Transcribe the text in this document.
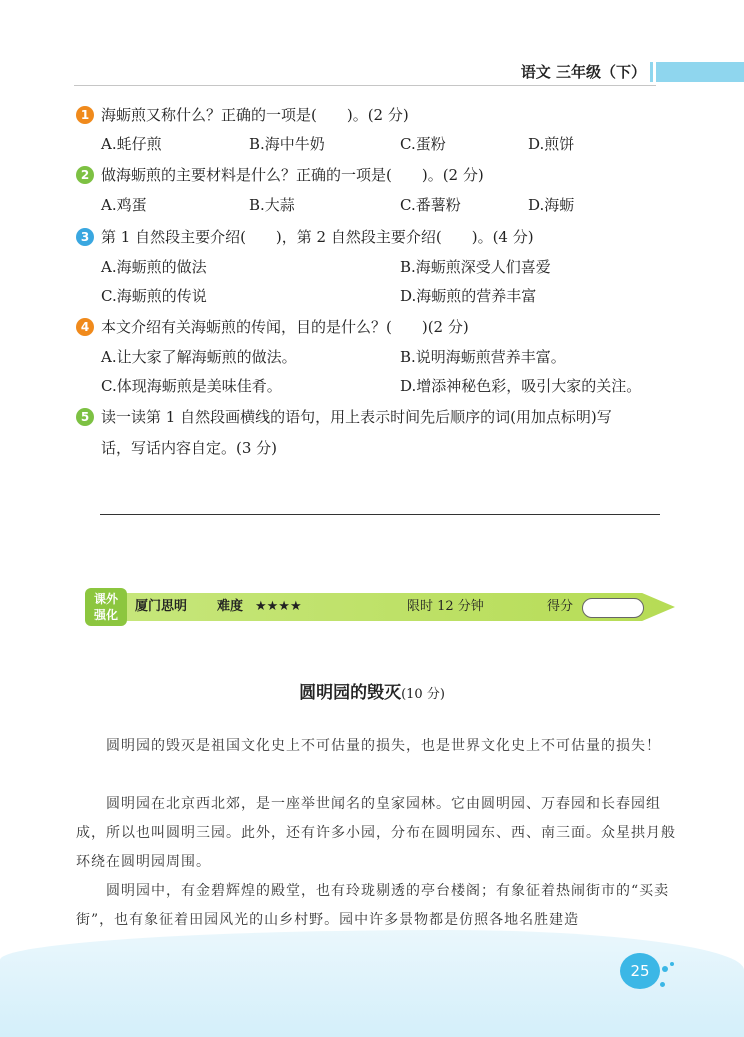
语文 三年级（下）
1 海蛎煎又称什么？正确的一项是(　　)。(2 分)
A.蚝仔煎	B.海中牛奶	C.蛋粉	D.煎饼
2 做海蛎煎的主要材料是什么？正确的一项是(　　)。(2 分)
A.鸡蛋	B.大蒜	C.番薯粉	D.海蛎
3 第 1 自然段主要介绍(　　)，第 2 自然段主要介绍(　　)。(4 分)
A.海蛎煎的做法	B.海蛎煎深受人们喜爱
C.海蛎煎的传说	D.海蛎煎的营养丰富
4 本文介绍有关海蛎煎的传闻，目的是什么？(　　)(2 分)
A.让大家了解海蛎煎的做法。	B.说明海蛎煎营养丰富。
C.体现海蛎煎是美味佳肴。	D.增添神秘色彩，吸引大家的关注。
5 读一读第 1 自然段画横线的语句，用上表示时间先后顺序的词(用加点标明)写
话，写话内容自定。(3 分)
课外
强化
厦门思明 难度 ★★★★	限时 12 分钟	得分
圆明园的毁灭(10 分)
圆明园的毁灭是祖国文化史上不可估量的损失，也是世界文化史上不可估量的损失！
圆明园在北京西北郊，是一座举世闻名的皇家园林。它由圆明园、万春园和长春园组成，所以也叫圆明三园。此外，还有许多小园，分布在圆明园东、西、南三面。众星拱月般环绕在圆明园周围。
圆明园中，有金碧辉煌的殿堂，也有玲珑剔透的亭台楼阁；有象征着热闹街市的“买卖街”，也有象征着田园风光的山乡村野。园中许多景物都是仿照各地名胜建造
25
